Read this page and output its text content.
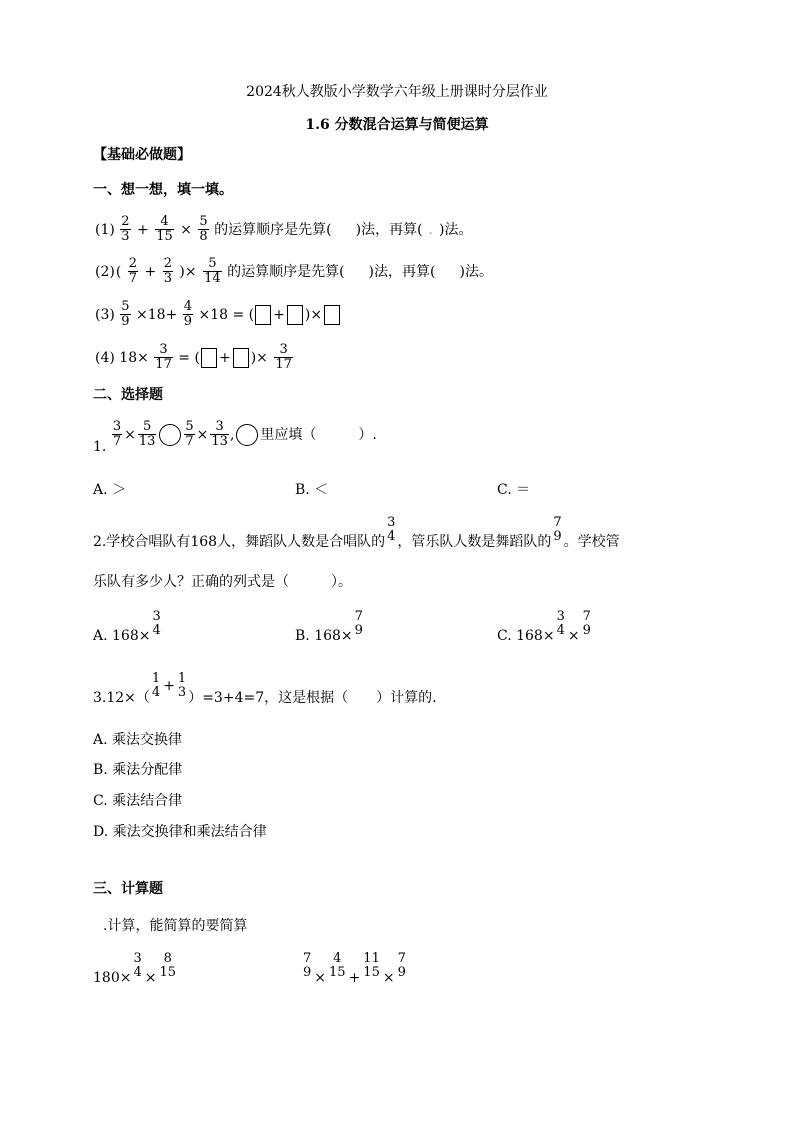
2024秋人教版小学数学六年级上册课时分层作业
1.6 分数混合运算与简便运算
【基础必做题】
一、想一想，填一填。
$(1) \frac{2}{3} + \frac{4}{15} \times \frac{5}{8}$ 的运算顺序是先算( )法，再算( . )法。
$(2)( \frac{2}{7} + \frac{2}{3}$ )× $\frac{5}{14}$ 的运算顺序是先算( )法，再算( )法。
$(3) \frac{5}{9} \times 18+ \frac{4}{9} \times 18$ = ( + )×
(4) $18\times \frac{3}{17}$ = ( + )× $\frac{3}{17}$
二、选择题
1. $\frac{3}{7} \times \frac{5}{13} \frac{5}{7} \times \frac{3}{13}$ , 里应填（　　　）.
A. ＞	B. ＜	C. ＝
2.学校合唱队有168人，舞蹈队人数是合唱队的
3
4 ，管乐队人数是舞蹈队的
7
9 。学校管
乐队有多少人？正确的列式是（　　　）。
A. 168×
3
4	B. 168×
7
9	C. 168×
3
4 ×
7
9
3.12×（
1
4 + 1
3 ）=3+4=7，这是根据（　　）计算的.
A. 乘法交换律
B. 乘法分配律
C. 乘法结合律
D. 乘法交换律和乘法结合律
三、计算题
.计算，能简算的要简算
180×
3
4 ×
8
15
7
9 ×
4
15 +
11
15 ×
7
9
